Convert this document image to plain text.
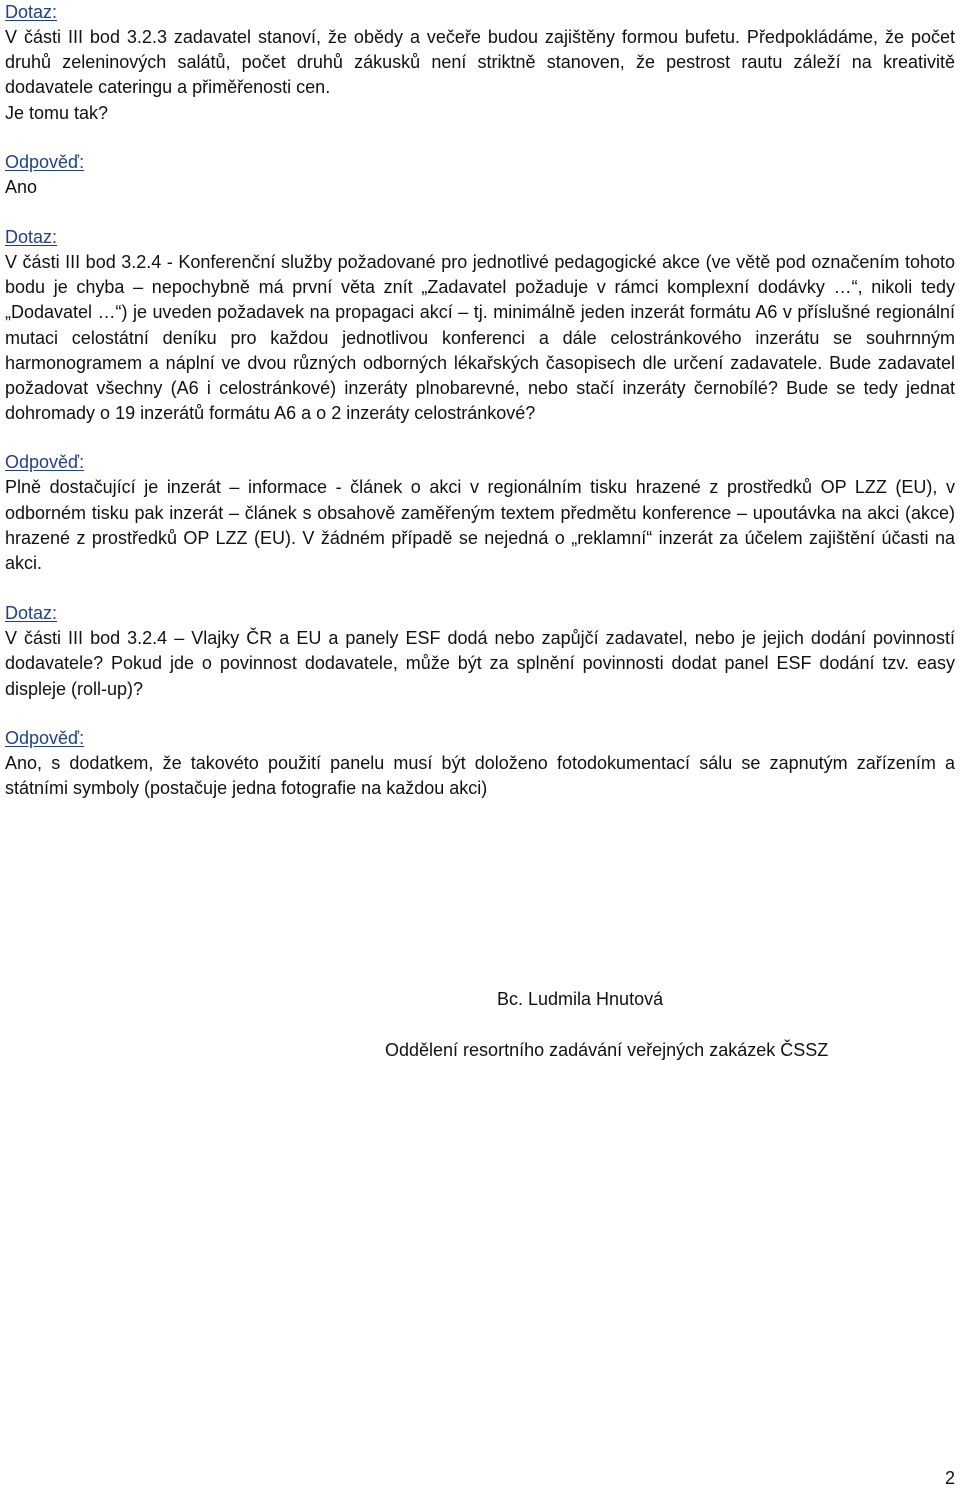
Dotaz:

V části III bod 3.2.3 zadavatel stanoví, že obědy a večeře budou zajištěny formou bufetu. Předpokládáme, že počet druhů zeleninových salátů, počet druhů zákusků není striktně stanoven, že pestrost rautu záleží na kreativitě dodavatele cateringu a přiměřenosti cen.

Je tomu tak?

Odpověď:

Ano

Dotaz:

V části III bod 3.2.4 - Konferenční služby požadované pro jednotlivé pedagogické akce (ve větě pod označením tohoto bodu je chyba – nepochybně má první věta znít „Zadavatel požaduje v rámci komplexní dodávky …“, nikoli tedy „Dodavatel …“) je uveden požadavek na propagaci akcí – tj. minimálně jeden inzerát formátu A6 v příslušné regionální mutaci celostátní deníku pro každou jednotlivou konferenci a dále celostránkového inzerátu se souhrnným harmonogramem a náplní ve dvou různých odborných lékařských časopisech dle určení zadavatele. Bude zadavatel požadovat všechny (A6 i celostránkové) inzeráty plnobarevné, nebo stačí inzeráty černobílé? Bude se tedy jednat dohromady o 19 inzerátů formátu A6 a o 2 inzeráty celostránkové?

Odpověď:

Plně dostačující je inzerát – informace - článek o akci v regionálním tisku hrazené z prostředků OP LZZ (EU), v odborném tisku pak inzerát – článek s obsahově zaměřeným textem předmětu konference – upoutávka na akci (akce) hrazené z prostředků OP LZZ (EU). V žádném případě se nejedná o „reklamní“ inzerát za účelem zajištění účasti na akci.

Dotaz:

V části III bod 3.2.4 – Vlajky ČR a EU a panely ESF dodá nebo zapůjčí zadavatel, nebo je jejich dodání povinností dodavatele? Pokud jde o povinnost dodavatele, může být za splnění povinnosti dodat panel ESF dodání tzv. easy displeje (roll-up)?

Odpověď:

Ano, s dodatkem, že takovéto použití panelu musí být doloženo fotodokumentací sálu se zapnutým zařízením a státními symboly (postačuje jedna fotografie na každou akci)

Bc. Ludmila Hnutová
Oddělení resortního zadávání veřejných zakázek ČSSZ
2
